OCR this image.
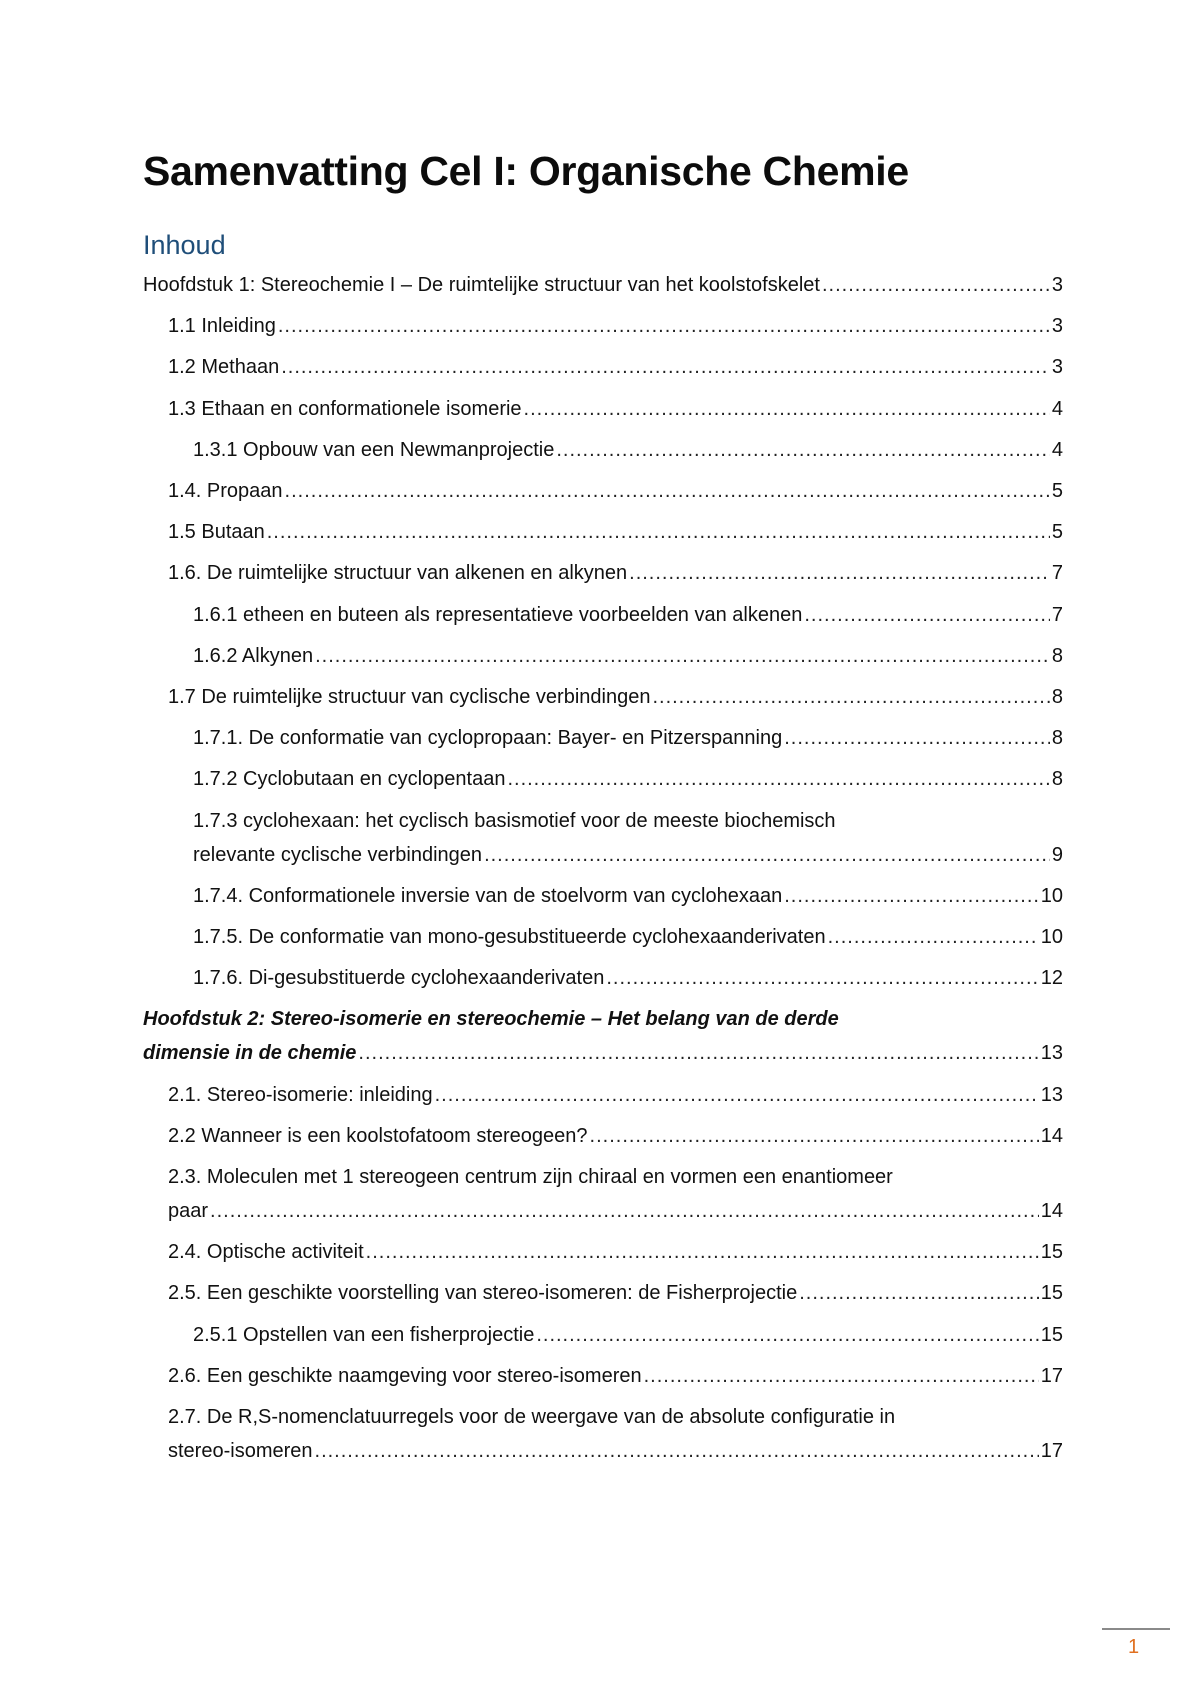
Samenvatting Cel I: Organische Chemie
Inhoud
Hoofdstuk 1: Stereochemie I – De ruimtelijke structuur van het koolstofskelet .....	3
1.1 Inleiding .....	3
1.2 Methaan .....	3
1.3 Ethaan en conformationele isomerie .....	4
1.3.1 Opbouw van een Newmanprojectie .....	4
1.4. Propaan .....	5
1.5 Butaan .....	5
1.6. De ruimtelijke structuur van alkenen en alkynen .....	7
1.6.1 etheen en buteen als representatieve voorbeelden van alkenen .....	7
1.6.2 Alkynen .....	8
1.7 De ruimtelijke structuur van cyclische verbindingen .....	8
1.7.1. De conformatie van cyclopropaan: Bayer- en Pitzerspanning .....	8
1.7.2 Cyclobutaan en cyclopentaan .....	8
1.7.3 cyclohexaan: het cyclisch basismotief voor de meeste biochemisch
relevante cyclische verbindingen .....	9
1.7.4. Conformationele inversie van de stoelvorm van cyclohexaan .....	10
1.7.5. De conformatie van mono-gesubstitueerde cyclohexaanderivaten .....	10
1.7.6. Di-gesubstituerde cyclohexaanderivaten .....	12
Hoofdstuk 2: Stereo-isomerie en stereochemie – Het belang van de derde
dimensie in de chemie .....	13
2.1. Stereo-isomerie: inleiding .....	13
2.2 Wanneer is een koolstofatoom stereogeen? .....	14
2.3. Moleculen met 1 stereogeen centrum zijn chiraal en vormen een enantiomeer
paar .....	14
2.4. Optische activiteit .....	15
2.5. Een geschikte voorstelling van stereo-isomeren: de Fisherprojectie .....	15
2.5.1 Opstellen van een fisherprojectie .....	15
2.6. Een geschikte naamgeving voor stereo-isomeren .....	17
2.7. De R,S-nomenclatuurregels voor de weergave van de absolute configuratie in
stereo-isomeren .....	17
1
